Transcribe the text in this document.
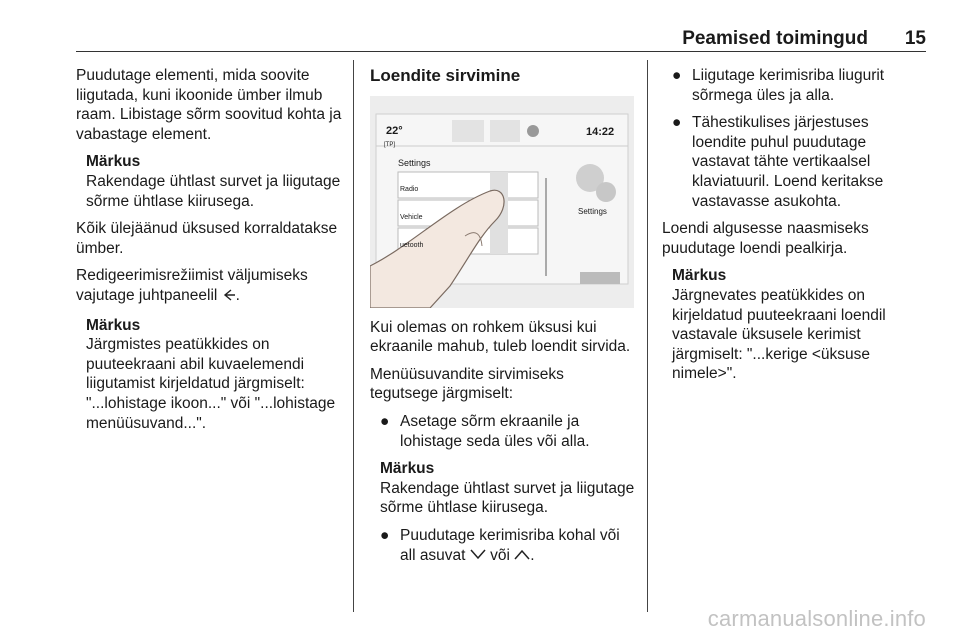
Peamised toimingud 15

Puudutage elementi, mida soovite liigutada, kuni ikoonide ümber ilmub raam. Libistage sõrm soovitud kohta ja vabastage element.

Märkus
Rakendage ühtlast survet ja liigutage sõrme ühtlase kiirusega.

Kõik ülejäänud üksused korraldatakse ümber.

Redigeerimisrežiimist väljumiseks vajutage juhtpaneelil .

Märkus
Järgmistes peatükkides on puuteekraani abil kuvaelemendi liigutamist kirjeldatud järgmiselt: "...lohistage ikoon..." või "...lohistage menüüsuvand...".
Loendite sirvimine
22°
[TP]
14:22
Settings
Radio
Vehicle
uetooth
Settings

Kui olemas on rohkem üksusi kui ekraanile mahub, tuleb loendit sirvida.

Menüüsuvandite sirvimiseks tegutsege järgmiselt:

● Asetage sõrm ekraanile ja lohistage seda üles või alla.
Märkus
Rakendage ühtlast survet ja liigutage sõrme ühtlase kiirusega.
● Puudutage kerimisriba kohal või all asuvat või .
● Liigutage kerimisriba liugurit sõrmega üles ja alla.
● Tähestikulises järjestuses loendite puhul puudutage vastavat tähte vertikaalsel klaviatuuril. Loend keritakse vastavasse asukohta.

Loendi algusesse naasmiseks puudutage loendi pealkirja.

Märkus
Järgnevates peatükkides on kirjeldatud puuteekraani loendil vastavale üksusele kerimist järgmiselt: "...kerige <üksuse nimele>".
carmanualsonline.info
